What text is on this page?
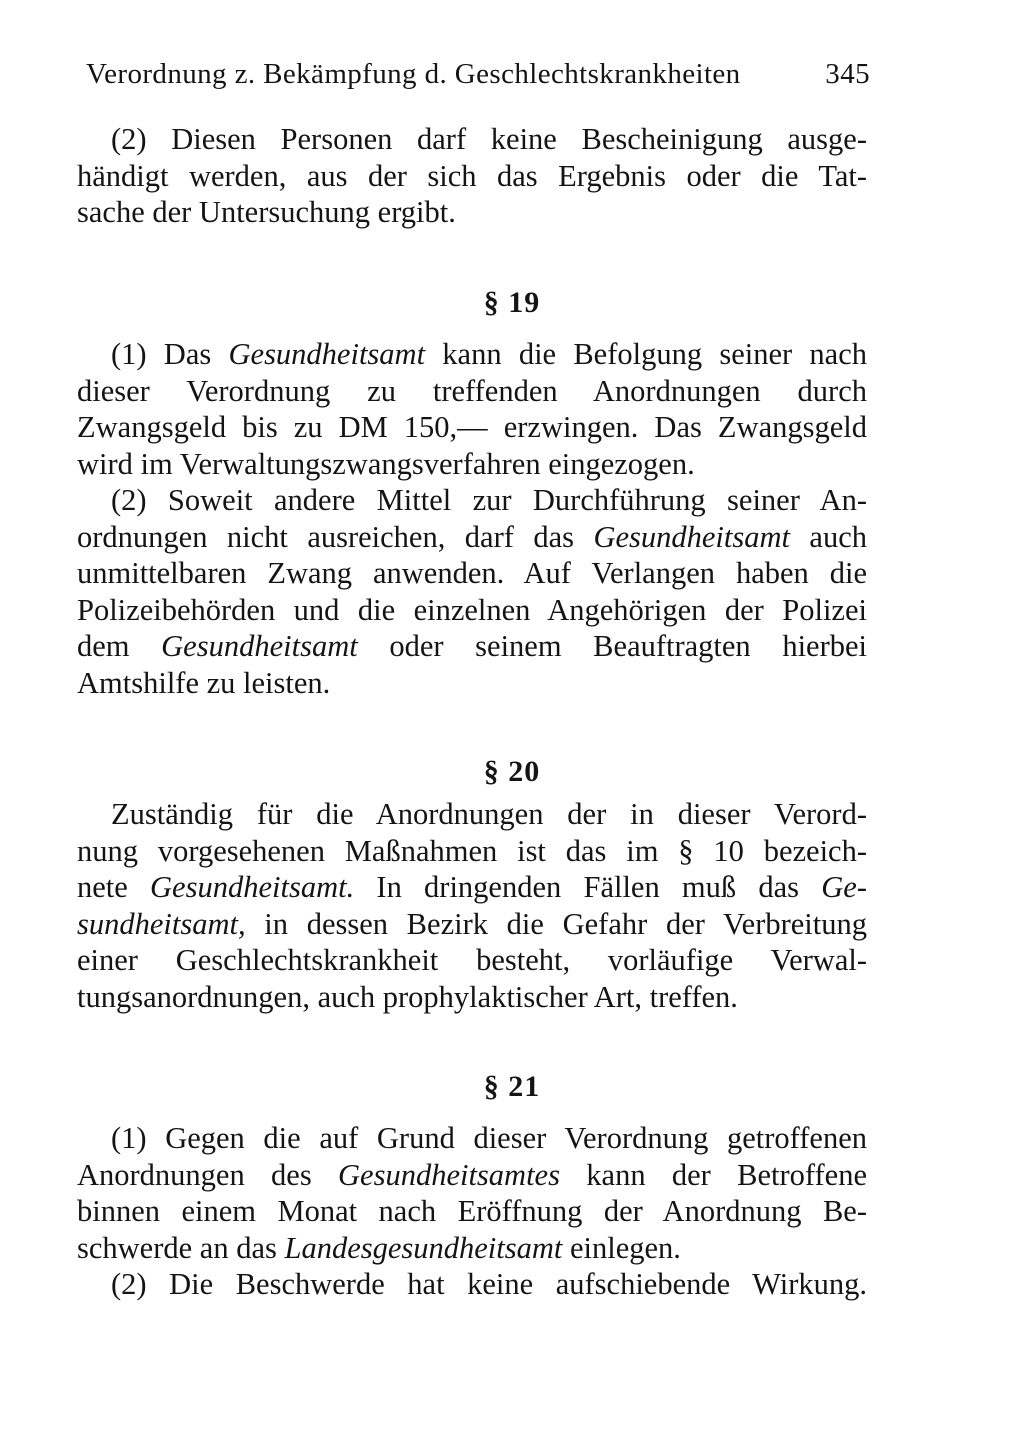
Verordnung z. Bekämpfung d. Geschlechtskrankheiten	345
(2) Diesen Personen darf keine Bescheinigung ausge-
händigt werden, aus der sich das Ergebnis oder die Tat-
sache der Untersuchung ergibt.
§ 19
(1) Das Gesundheitsamt kann die Befolgung seiner nach
dieser Verordnung zu treffenden Anordnungen durch
Zwangsgeld bis zu DM 150,— erzwingen. Das Zwangsgeld
wird im Verwaltungszwangsverfahren eingezogen.
(2) Soweit andere Mittel zur Durchführung seiner An-
ordnungen nicht ausreichen, darf das Gesundheitsamt auch
unmittelbaren Zwang anwenden. Auf Verlangen haben die
Polizeibehörden und die einzelnen Angehörigen der Polizei
dem Gesundheitsamt oder seinem Beauftragten hierbei
Amtshilfe zu leisten.
§ 20
Zuständig für die Anordnungen der in dieser Verord-
nung vorgesehenen Maßnahmen ist das im § 10 bezeich-
nete Gesundheitsamt. In dringenden Fällen muß das Ge-
sundheitsamt, in dessen Bezirk die Gefahr der Verbreitung
einer Geschlechtskrankheit besteht, vorläufige Verwal-
tungsanordnungen, auch prophylaktischer Art, treffen.
§ 21
(1) Gegen die auf Grund dieser Verordnung getroffenen
Anordnungen des Gesundheitsamtes kann der Betroffene
binnen einem Monat nach Eröffnung der Anordnung Be-
schwerde an das Landesgesundheitsamt einlegen.
(2) Die Beschwerde hat keine aufschiebende Wirkung.
